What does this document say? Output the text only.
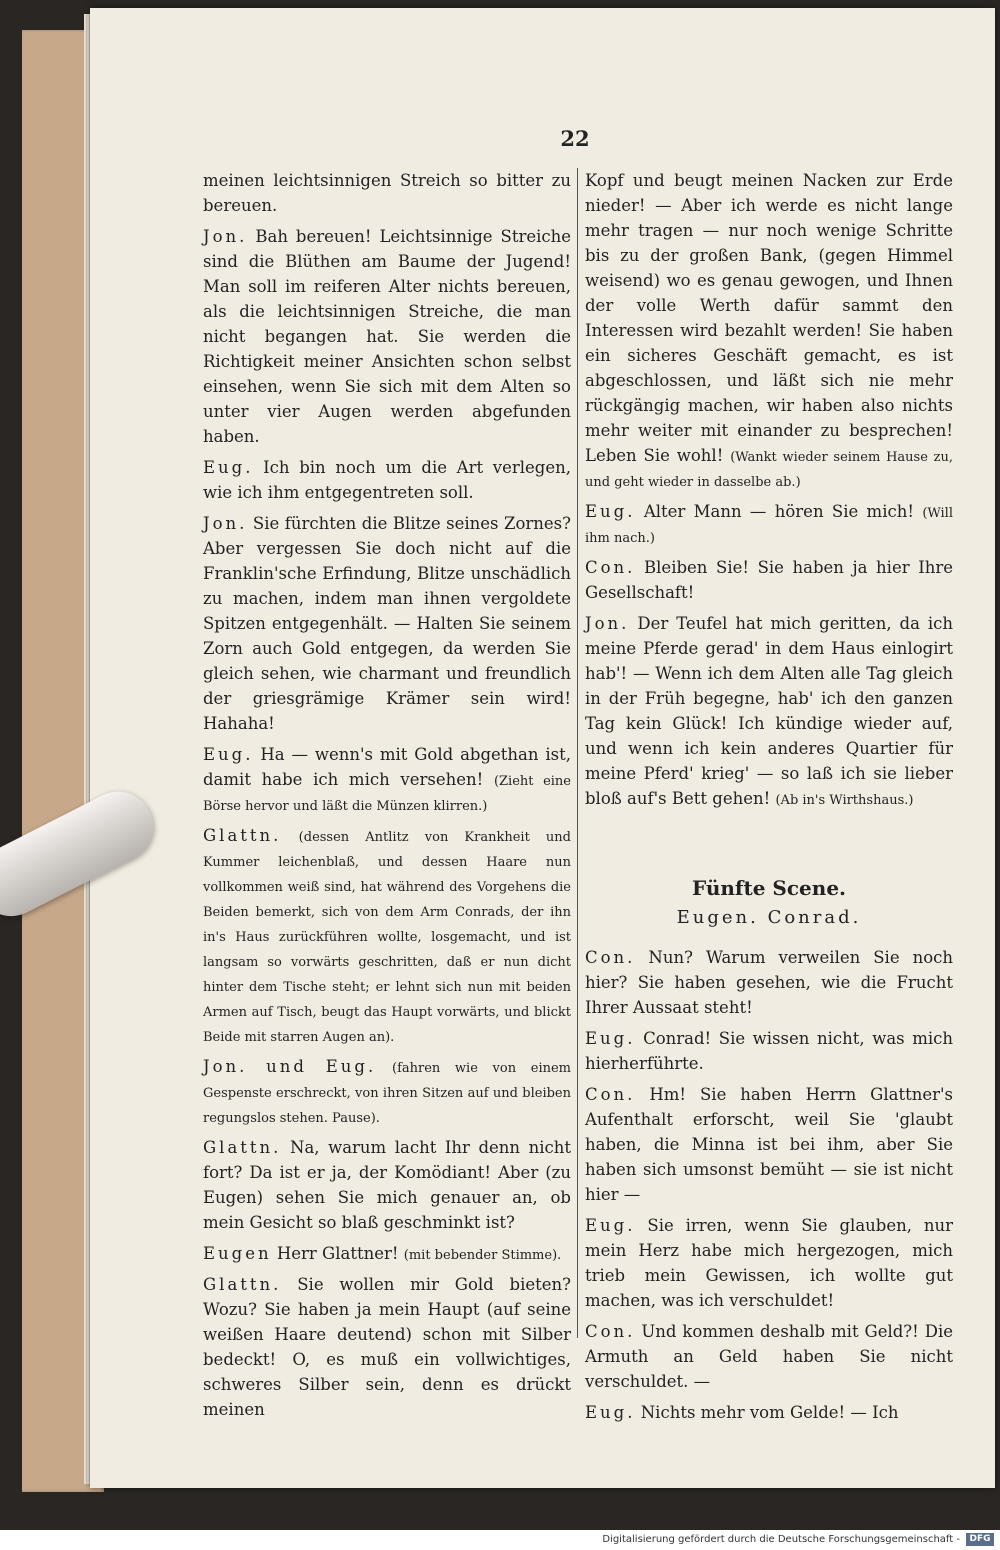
22

meinen leichtsinnigen Streich so bitter zu bereuen.

Jon. Bah bereuen! Leichtsinnige Streiche sind die Blüthen am Baume der Jugend! Man soll im reiferen Alter nichts bereuen, als die leichtsinnigen Streiche, die man nicht begangen hat. Sie werden die Richtigkeit meiner Ansichten schon selbst einsehen, wenn Sie sich mit dem Alten so unter vier Augen werden abgefunden haben.

Eug. Ich bin noch um die Art verlegen, wie ich ihm entgegentreten soll.

Jon. Sie fürchten die Blitze seines Zornes? Aber vergessen Sie doch nicht auf die Franklin'sche Erfindung, Blitze unschädlich zu machen, indem man ihnen vergoldete Spitzen entgegenhält. — Halten Sie seinem Zorn auch Gold entgegen, da werden Sie gleich sehen, wie charmant und freundlich der griesgrämige Krämer sein wird! Hahaha!

Eug. Ha — wenn's mit Gold abgethan ist, damit habe ich mich versehen! (Zieht eine Börse hervor und läßt die Münzen klirren.)

Glattn. (dessen Antlitz von Krankheit und Kummer leichenblaß, und dessen Haare nun vollkommen weiß sind, hat während des Vorgehens die Beiden bemerkt, sich von dem Arm Conrads, der ihn in's Haus zurückführen wollte, losgemacht, und ist langsam so vorwärts geschritten, daß er nun dicht hinter dem Tische steht; er lehnt sich nun mit beiden Armen auf Tisch, beugt das Haupt vorwärts, und blickt Beide mit starren Augen an).

Jon. und Eug. (fahren wie von einem Gespenste erschreckt, von ihren Sitzen auf und bleiben regungslos stehen. Pause).

Glattn. Na, warum lacht Ihr denn nicht fort? Da ist er ja, der Komödiant! Aber (zu Eugen) sehen Sie mich genauer an, ob mein Gesicht so blaß geschminkt ist?

Eugen Herr Glattner! (mit bebender Stimme).

Glattn. Sie wollen mir Gold bieten? Wozu? Sie haben ja mein Haupt (auf seine weißen Haare deutend) schon mit Silber bedeckt! O, es muß ein vollwichtiges, schweres Silber sein, denn es drückt meinen

Kopf und beugt meinen Nacken zur Erde nieder! — Aber ich werde es nicht lange mehr tragen — nur noch wenige Schritte bis zu der großen Bank, (gegen Himmel weisend) wo es genau gewogen, und Ihnen der volle Werth dafür sammt den Interessen wird bezahlt werden! Sie haben ein sicheres Geschäft gemacht, es ist abgeschlossen, und läßt sich nie mehr rückgängig machen, wir haben also nichts mehr weiter mit einander zu besprechen! Leben Sie wohl! (Wankt wieder seinem Hause zu, und geht wieder in dasselbe ab.)

Eug. Alter Mann — hören Sie mich! (Will ihm nach.)

Con. Bleiben Sie! Sie haben ja hier Ihre Gesellschaft!

Jon. Der Teufel hat mich geritten, da ich meine Pferde gerad' in dem Haus einlogirt hab'! — Wenn ich dem Alten alle Tag gleich in der Früh begegne, hab' ich den ganzen Tag kein Glück! Ich kündige wieder auf, und wenn ich kein anderes Quartier für meine Pferd' krieg' — so laß ich sie lieber bloß auf's Bett gehen! (Ab in's Wirthshaus.)

Fünfte Scene.

Eugen. Conrad.

Con. Nun? Warum verweilen Sie noch hier? Sie haben gesehen, wie die Frucht Ihrer Aussaat steht!

Eug. Conrad! Sie wissen nicht, was mich hierherführte.

Con. Hm! Sie haben Herrn Glattner's Aufenthalt erforscht, weil Sie 'glaubt haben, die Minna ist bei ihm, aber Sie haben sich umsonst bemüht — sie ist nicht hier —

Eug. Sie irren, wenn Sie glauben, nur mein Herz habe mich hergezogen, mich trieb mein Gewissen, ich wollte gut machen, was ich verschuldet!

Con. Und kommen deshalb mit Geld?! Die Armuth an Geld haben Sie nicht verschuldet. —

Eug. Nichts mehr vom Gelde! — Ich

Digitalisierung gefördert durch die Deutsche Forschungsgemeinschaft -	DFG
